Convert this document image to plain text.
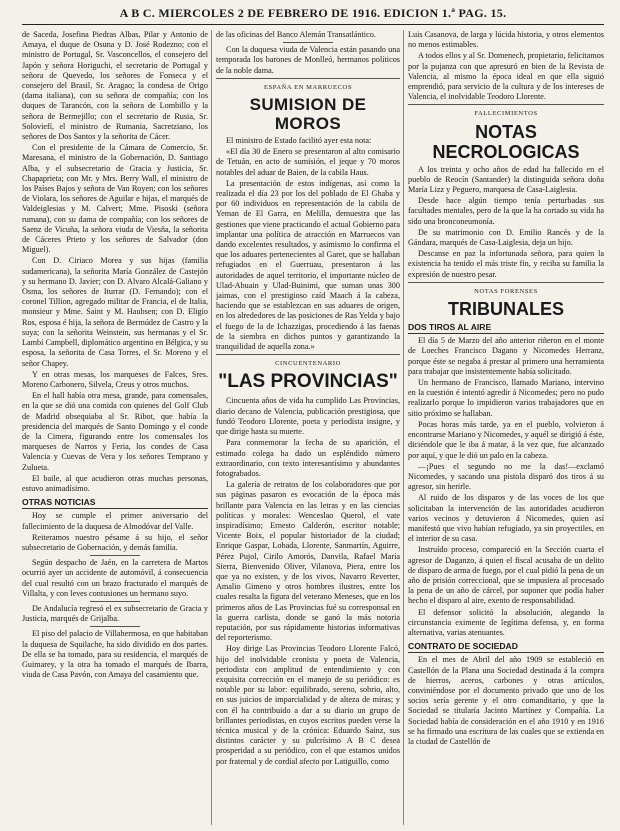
A B C. MIERCOLES 2 DE FEBRERO DE 1916. EDICION 1.ª PAG. 15.

de Saceda, Josefina Piedras Albas, Pilar y Antonio de Amaya, el duque de Osuna y D. José Rodezno; con el ministro de Portugal, Sr. Vasconcellos, el consejero del Japón y señora Horiguchi, el secretario de Portugal y señora de Quevedo, los señores de Fonseca y el consejero del Brasil, Sr. Aragao; la condesa de Origo (dama italiana), con su señora de compañía; con los duques de Tarancón, con la señora de Lombillo y la señora de Bermejillo; con el secretario de Rusia, Sr. Soloviefí, el ministro de Rumania, Sacretziano, los señores de Dos Santos y la señorita de Cácer.

Con el presidente de la Cámara de Comercio, Sr. Maresana, el ministro de la Gobernación, D. Santiago Alba, y el subsecretario de Gracia y Justicia, Sr. Chapaprieta; con Mr. y Mrs. Berry Wall, el ministro de los Países Bajos y señora de Van Royen; con los señores de Violara, los señores de Aguilar e hijas, el marqués de Valdeiglesias y M. Calvert; Mme. Pisoski (señora rumana), con su dama de compañía; con los señores de Saenz de Vicuña, la señora viuda de Viesña, la señorita de Cáceres Prieto y los señores de Salvador (don Miguel).

Con D. Ciriaco Morea y sus hijas (familia sudamericana), la señorita María González de Castejón y su hermano D. Javier; con D. Alvaro Alcalá-Galiano y Osma, los señores de Iturrar (D. Fernando); con el coronel Tillion, agregado militar de Francia, el de Italia, monsieur y Mme. Saint y M. Haubsen; con D. Eligio Ros, esposa é hija, la señora de Bermúdez de Castro y la suya; con la señorita Weinstein, sus hermanas y el Sr. Lambí Campbell, diplomático argentino en Bélgica, y su esposa, la señorita de Casa Torres, el Sr. Moreno y el señor Chapey.

Y en otras mesas, los marqueses de Falces, Sres. Moreno Carbonero, Silvela, Creus y otros muchos.

En el hall había otra mesa, grande, para comensales, en la que se dió una comida con quienes del Golf Club de Madrid obsequiaba al Sr. Ribot, que había la presidencia del marqués de Santo Domingo y el conde de la Cimera, figurando entre los comensales los marqueses de Narros y Feria, los condes de Casa Valencia y Cuevas de Vera y los señores Temprano y Zulueta.

El baile, al que acudieron otras muchas personas, estuvo animadísimo.

OTRAS NOTICIAS

Hoy se cumple el primer aniversario del fallecimiento de la duquesa de Almodóvar del Valle.

Reiteramos nuestro pésame á su hijo, el señor subsecretario de Gobernación, y demás familia.

Según despacho de Jaén, en la carretera de Martos ocurrió ayer un accidente de automóvil, á consecuencia del cual resultó con un brazo fracturado el marqués de Villalta, y con leves contusiones un hermano suyo.

De Andalucía regresó el ex subsecretario de Gracia y Justicia, marqués de Grijalba.

El piso del palacio de Villahermosa, en que habitaban la duquesa de Squilache, ha sido dividido en dos partes. De ella se ha tomado, para su residencia, el marqués de Guimarey, y la otra ha tomado el marqués de Ibarra, viuda de Casa Pavón, con Amaya del casamiento que.

de las oficinas del Banco Alemán Transatlántico.

Con la duquesa viuda de Valencia están pasando una temporada los barones de Monlleó, hermanos políticos de la noble dama.

ESPAÑA EN MARRUECOS
SUMISION DE MOROS

El ministro de Estado facilitó ayer esta nota:

«El día 30 de Enero se presentaron al alto comisario de Tetuán, en acto de sumisión, el jeque y 70 moros notables del aduar de Baien, de la cabila Haus.

La presentación de estos indígenas, así como la realizada el día 23 por los del poblado de El Ghaba y por 60 individuos en representación de la cabila de Yeman de El Garra, en Melilla, demuestra que las gestiones que viene practicando el actual Gobierno para implantar una política de atracción en Marruecos van dando excelentes resultados, y asimismo lo confirma el que los aduares pertenecientes al Garet, que se hallaban refugiados en el Guerruau, presentaron á las autoridades de aquel territorio, el importante núcleo de Ulad-Abuain y Ulad-Buinimi, que suman unas 300 jaimas, con el prestigioso caíd Maach á la cabeza, haciendo que se establezcan en sus aduares de origen, en los alrededores de las posiciones de Ras Yelda y bajo el fuego de la de Ichazzigas, procediendo á las faenas de la siembra en dichos puntos y garantizando la tranquilidad de aquella zona.»

CINCUENTENARIO
"LAS PROVINCIAS"

Cincuenta años de vida ha cumplido Las Provincias, diario decano de Valencia, publicación prestigiosa, que fundó Teodoro Llorente, poeta y periodista insigne, y que dirige hasta su muerte.

Para conmemorar la fecha de su aparición, el estimado colega ha dado un espléndido número extraordinario, con texto interesantísimo y abundantes fotograbados.

La galería de retratos de los colaboradores que por sus páginas pasaron es evocación de la época más brillante para Valencia en las letras y en las ciencias políticas y morales: Wenceslao Querol, el vate inspiradísimo; Ernesto Calderón, escritor notable; Vicente Boix, el popular historiador de la ciudad; Enrique Gaspar, Lobada, Llorente, Sanmartín, Aguirre, Pérez Pujol, Cirilo Amorós, Danvila, Rafael María Sierra, Bienvenido Oliver, Vilanova, Piera, entre los que ya no existen, y de los vivos, Navarro Reverter, Amalio Gimeno y otros hombres ilustres, entre los cuales resalta la figura del veterano Meneses, que en los primeros años de Las Provincias fué su corresponsal en la guerra carlista, donde se ganó la más notoria reputación, por sus rápidamente historias informativas del reporterismo.

Hoy dirige Las Provincias Teodoro Llorente Falcó, hijo del inolvidable cronista y poeta de Valencia, periodista con amplitud de entendimiento y con exquisita corrección en el manejo de su periódico: es notable por su labor: equilibrado, sereno, sobrio, alto, en sus juicios de imparcialidad y de alteza de miras; y con él ha contribuido a dar a su diario un grupo de brillantes periodistas, en cuyos escritos pueden verse la técnica musical y de la crónica: Eduardo Sainz, sus distintos carácter y su pulcrísimo A B C desea prosperidad a su periódico, con el que estamos unidos por fraternal y de cordial afecto por Latiguillo, como

Luis Casanova, de larga y lúcida historia, y otros elementos no menos estimables.

A todos ellos y al Sr. Domenech, propietario, felicitamos por la pujanza con que apresuró en bien de la Revista de Valencia, al mismo la época ideal en que ella siguió emprendió, para servicio de la cultura y de los intereses de Valencia, el inolvidable Teodoro Llorente.

FALLECIMIENTOS
NOTAS NECROLOGICAS

A los treinta y ocho años de edad ha fallecido en el pueblo de Reocín (Santander) la distinguida señora doña María Lizz y Peguero, marquesa de Casa-Laiglesia.

Desde hace algún tiempo tenía perturbadas sus facultades mentales, pero de la que la ha cortado su vida ha sido una bronconeumonía.

De su matrimonio con D. Emilio Rancés y de la Gándara, marqués de Casa-Laiglesia, deja un hijo.

Descanse en paz la infortunada señora, para quien la existencia ha tenido el más triste fin, y reciba su familia la expresión de nuestro pesar.

NOTAS FORENSES
TRIBUNALES
DOS TIROS AL AIRE

El día 5 de Marzo del año anterior riñeron en el monte de Loeches Francisco Dagano y Nicomedes Herranz, porque éste se negaba á prestar al primero una herramienta para trabajar que insistentemente había solicitado.

Un hermano de Francisco, llamado Mariano, intervino en la cuestión é intentó agredir á Nicomedes; pero no pudo realizarlo porque lo impidieron varios trabajadores que en sitio próximo se hallaban.

Pocas horas más tarde, ya en el pueblo, volvieron á encontrarse Mariano y Nicomedes, y aquél se dirigió á éste, diciéndole que le iba á matar, á la vez que, fue alcanzado por aquí, y que le dió un palo en la cabeza.

—¡Pues el segundo no me la das!—exclamó Nicomedes, y sacando una pistola disparó dos tiros á su agresor, sin herirle.

Al ruido de los disparos y de las voces de los que solicitaban la intervención de las autoridades acudieron varios vecinos y detuvieron á Nicomedes, quien así manifestó que vivo habían refugiado, ya sin proyectiles, en el interior de su casa.

Instruído proceso, compareció en la Sección cuarta el agresor de Daganzo, á quien el fiscal acusaba de un delito de disparo de arma de fuego, por el cual pidió la pena de un año de prisión correccional, que se impusiera al procesado la pena de un año de cárcel, por suponer que podía haber hecho el disparo al aire, exento de responsabilidad.

El defensor solicitó la absolución, alegando la circunstancia eximente de legítima defensa, y, en forma alternativa, varias atenuantes.

CONTRATO DE SOCIEDAD

En el mes de Abril del año 1909 se estableció en Castellón de la Plana una Sociedad destinada á la compra de hierros, aceros, carbones y otras artículos, conviniéndose por el documento privado que uno de los socios sería gerente y el otro comanditario, y que la Sociedad se titularía Jacinto Martínez y Compañía. La Sociedad había de consideración en el año 1910 y en 1916 se ha firmado una escritura de las cuales que se extienda en la ciudad de Castellón de
